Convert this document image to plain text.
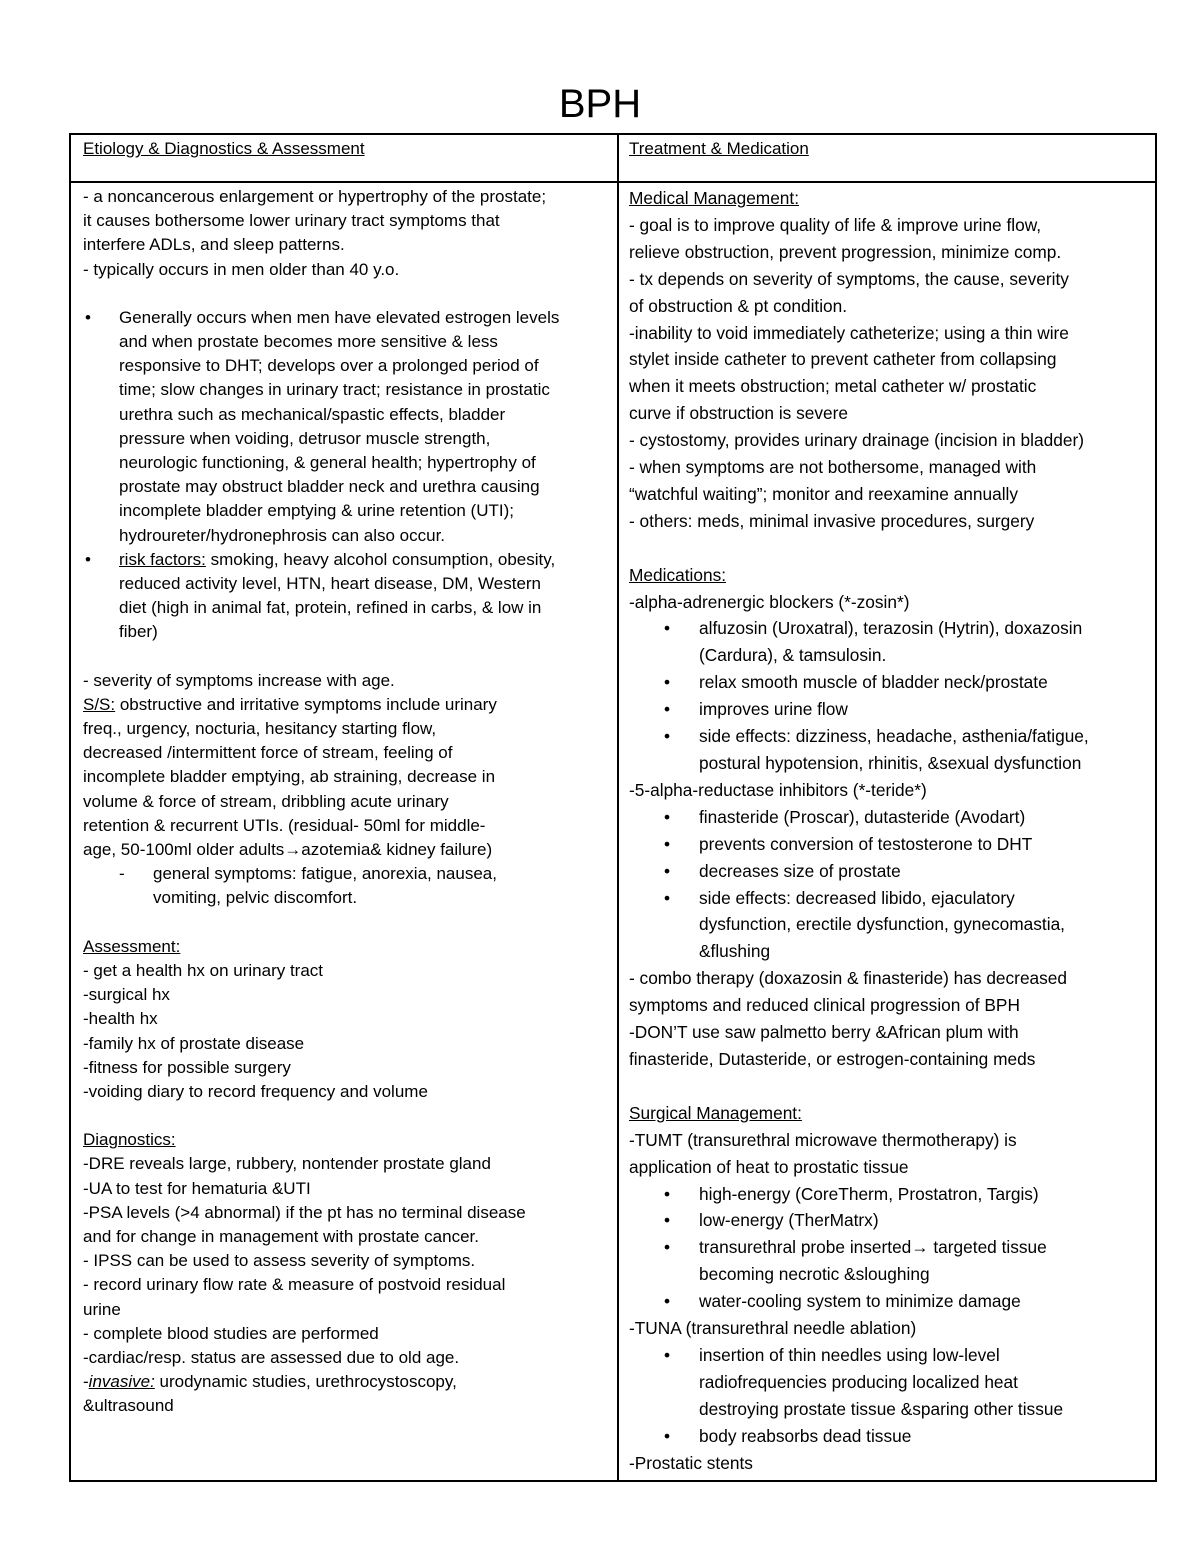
BPH
Etiology & Diagnostics & Assessment	Treatment & Medication
- a noncancerous enlargement or hypertrophy of the prostate;
it causes bothersome lower urinary tract symptoms that
interfere ADLs, and sleep patterns.
- typically occurs in men older than 40 y.o.
• Generally occurs when men have elevated estrogen levels
and when prostate becomes more sensitive & less
responsive to DHT; develops over a prolonged period of
time; slow changes in urinary tract; resistance in prostatic
urethra such as mechanical/spastic effects, bladder
pressure when voiding, detrusor muscle strength,
neurologic functioning, & general health; hypertrophy of
prostate may obstruct bladder neck and urethra causing
incomplete bladder emptying & urine retention (UTI);
hydroureter/hydronephrosis can also occur.
• risk factors: smoking, heavy alcohol consumption, obesity,
reduced activity level, HTN, heart disease, DM, Western
diet (high in animal fat, protein, refined in carbs, & low in
fiber)
- severity of symptoms increase with age.
S/S: obstructive and irritative symptoms include urinary
freq., urgency, nocturia, hesitancy starting flow,
decreased /intermittent force of stream, feeling of
incomplete bladder emptying, ab straining, decrease in
volume & force of stream, dribbling acute urinary
retention & recurrent UTIs. (residual- 50ml for middle-
age, 50-100ml older adults→azotemia& kidney failure)
- general symptoms: fatigue, anorexia, nausea,
vomiting, pelvic discomfort.
Assessment:
- get a health hx on urinary tract
-surgical hx
-health hx
-family hx of prostate disease
-fitness for possible surgery
-voiding diary to record frequency and volume
Diagnostics:
-DRE reveals large, rubbery, nontender prostate gland
-UA to test for hematuria &UTI
-PSA levels (>4 abnormal) if the pt has no terminal disease
and for change in management with prostate cancer.
- IPSS can be used to assess severity of symptoms.
- record urinary flow rate & measure of postvoid residual
urine
- complete blood studies are performed
-cardiac/resp. status are assessed due to old age.
-invasive: urodynamic studies, urethrocystoscopy,
&ultrasound
Medical Management:
- goal is to improve quality of life & improve urine flow,
relieve obstruction, prevent progression, minimize comp.
- tx depends on severity of symptoms, the cause, severity
of obstruction & pt condition.
-inability to void immediately catheterize; using a thin wire
stylet inside catheter to prevent catheter from collapsing
when it meets obstruction; metal catheter w/ prostatic
curve if obstruction is severe
- cystostomy, provides urinary drainage (incision in bladder)
- when symptoms are not bothersome, managed with
“watchful waiting”; monitor and reexamine annually
- others: meds, minimal invasive procedures, surgery
Medications:
-alpha-adrenergic blockers (*-zosin*)
• alfuzosin (Uroxatral), terazosin (Hytrin), doxazosin
(Cardura), & tamsulosin.
• relax smooth muscle of bladder neck/prostate
• improves urine flow
• side effects: dizziness, headache, asthenia/fatigue,
postural hypotension, rhinitis, &sexual dysfunction
-5-alpha-reductase inhibitors (*-teride*)
• finasteride (Proscar), dutasteride (Avodart)
• prevents conversion of testosterone to DHT
• decreases size of prostate
• side effects: decreased libido, ejaculatory
dysfunction, erectile dysfunction, gynecomastia,
&flushing
- combo therapy (doxazosin & finasteride) has decreased
symptoms and reduced clinical progression of BPH
-DON’T use saw palmetto berry &African plum with
finasteride, Dutasteride, or estrogen-containing meds
Surgical Management:
-TUMT (transurethral microwave thermotherapy) is
application of heat to prostatic tissue
• high-energy (CoreTherm, Prostatron, Targis)
• low-energy (TherMatrx)
• transurethral probe inserted→ targeted tissue
becoming necrotic &sloughing
• water-cooling system to minimize damage
-TUNA (transurethral needle ablation)
• insertion of thin needles using low-level
radiofrequencies producing localized heat
destroying prostate tissue &sparing other tissue
• body reabsorbs dead tissue
-Prostatic stents
